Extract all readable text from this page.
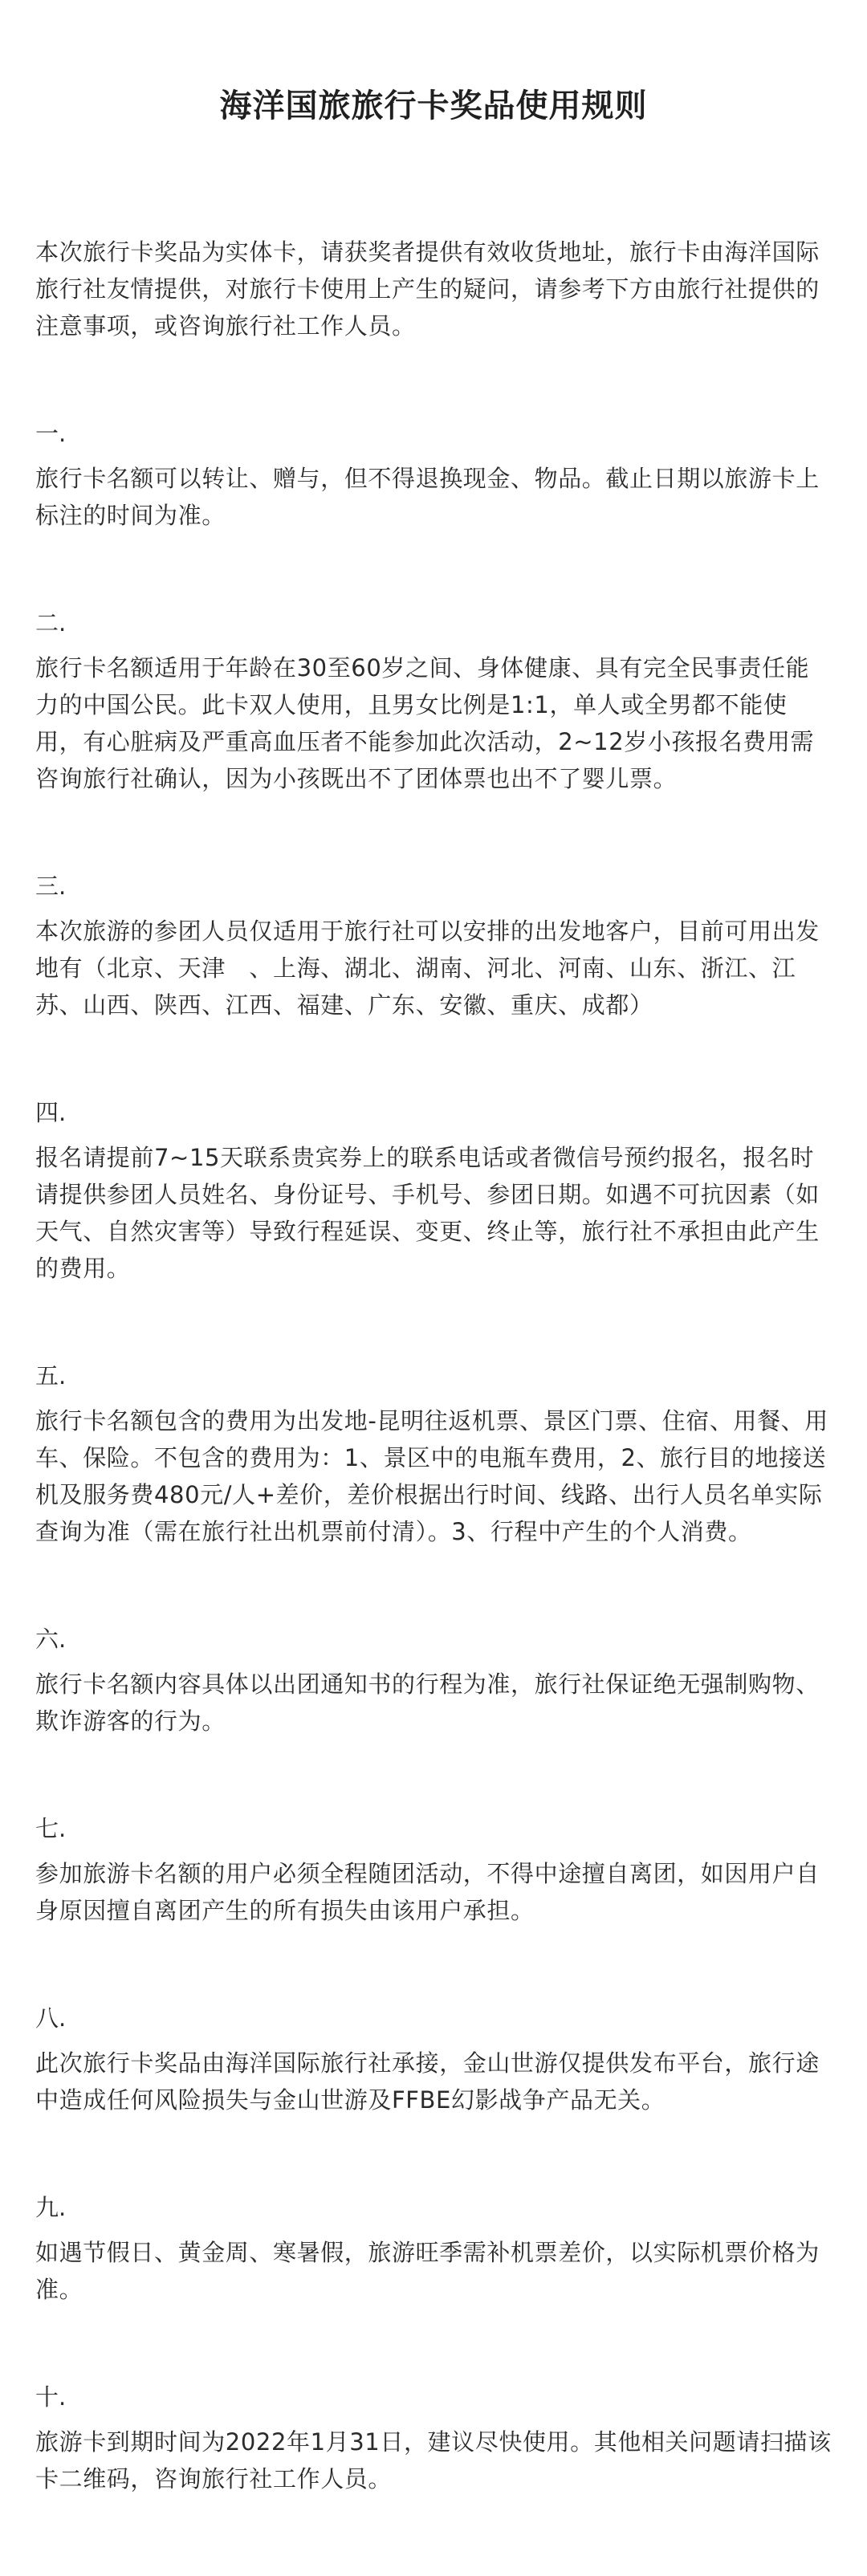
海洋国旅旅行卡奖品使用规则

本次旅行卡奖品为实体卡，请获奖者提供有效收货地址，旅行卡由海洋国际旅行社友情提供，对旅行卡使用上产生的疑问，请参考下方由旅行社提供的注意事项，或咨询旅行社工作人员。

一.

旅行卡名额可以转让、赠与，但不得退换现金、物品。截止日期以旅游卡上标注的时间为准。

二.

旅行卡名额适用于年龄在30至60岁之间、身体健康、具有完全民事责任能力的中国公民。此卡双人使用，且男女比例是1:1，单人或全男都不能使用，有心脏病及严重高血压者不能参加此次活动，2~12岁小孩报名费用需咨询旅行社确认，因为小孩既出不了团体票也出不了婴儿票。

三.

本次旅游的参团人员仅适用于旅行社可以安排的出发地客户，目前可用出发地有（北京、天津　、上海、湖北、湖南、河北、河南、山东、浙江、江苏、山西、陕西、江西、福建、广东、安徽、重庆、成都）

四.

报名请提前7~15天联系贵宾券上的联系电话或者微信号预约报名，报名时请提供参团人员姓名、身份证号、手机号、参团日期。如遇不可抗因素（如天气、自然灾害等）导致行程延误、变更、终止等，旅行社不承担由此产生的费用。

五.

旅行卡名额包含的费用为出发地-昆明往返机票、景区门票、住宿、用餐、用车、保险。不包含的费用为：1、景区中的电瓶车费用，2、旅行目的地接送机及服务费480元/人+差价，差价根据出行时间、线路、出行人员名单实际查询为准（需在旅行社出机票前付清）。3、行程中产生的个人消费。

六.

旅行卡名额内容具体以出团通知书的行程为准，旅行社保证绝无强制购物、欺诈游客的行为。

七.

参加旅游卡名额的用户必须全程随团活动，不得中途擅自离团，如因用户自身原因擅自离团产生的所有损失由该用户承担。

八.

此次旅行卡奖品由海洋国际旅行社承接，金山世游仅提供发布平台，旅行途中造成任何风险损失与金山世游及FFBE幻影战争产品无关。

九.

如遇节假日、黄金周、寒暑假，旅游旺季需补机票差价，以实际机票价格为准。

十.

旅游卡到期时间为2022年1月31日，建议尽快使用。其他相关问题请扫描该卡二维码，咨询旅行社工作人员。
